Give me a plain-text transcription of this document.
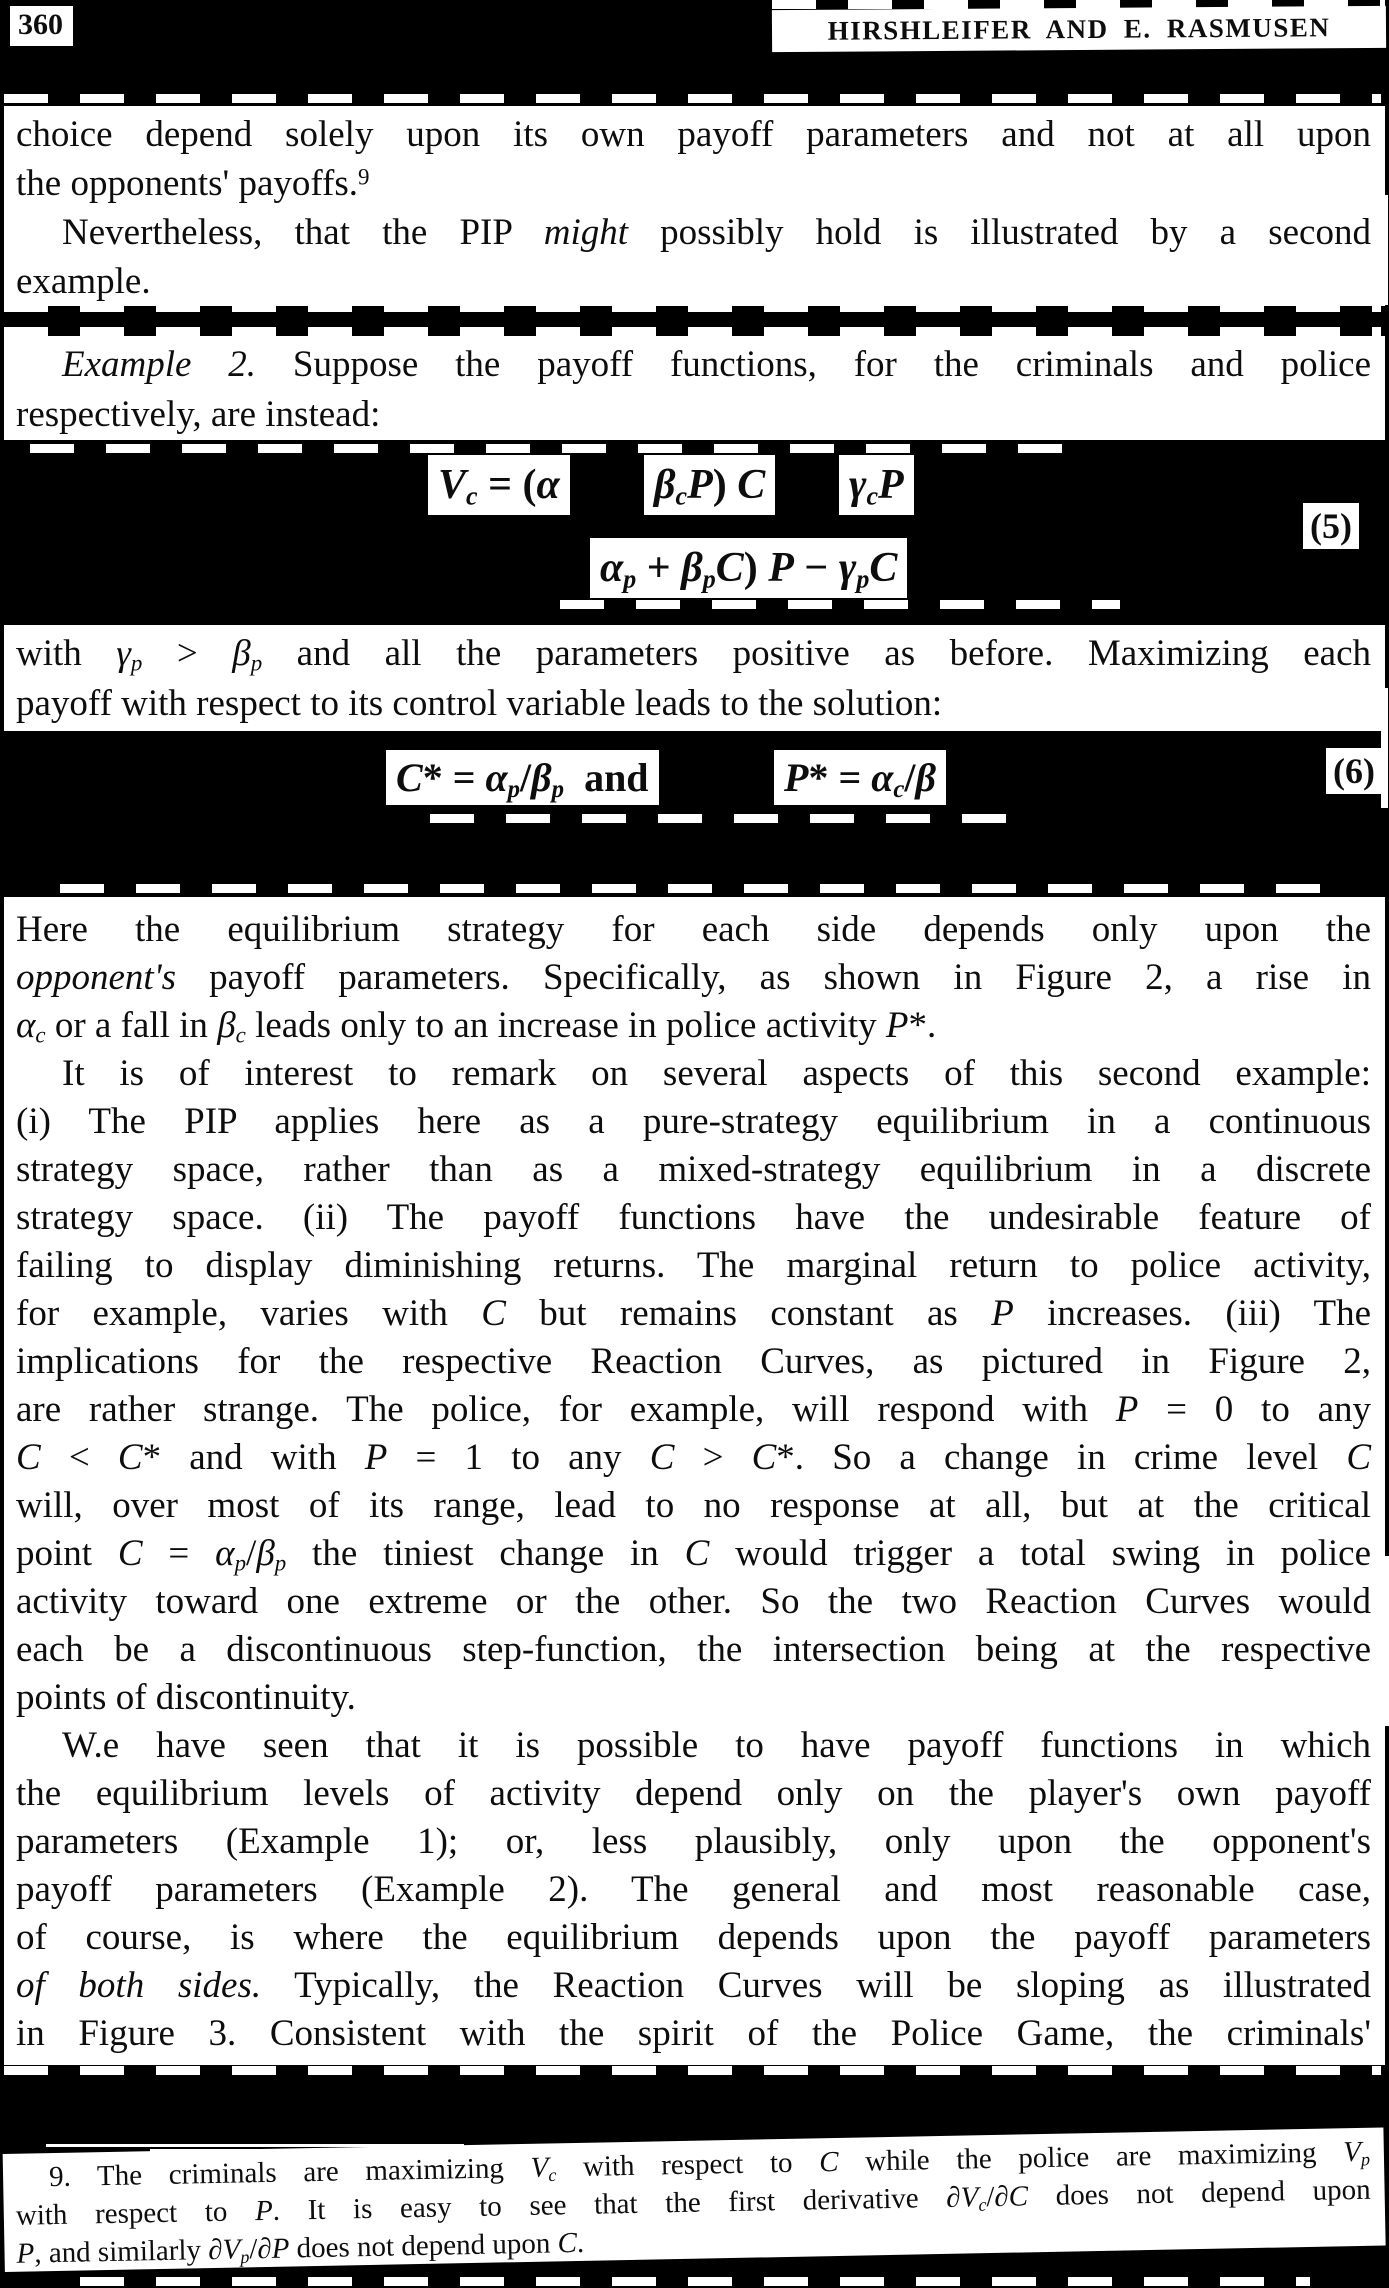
360	HIRSHLEIFER AND E. RASMUSEN
choice depend solely upon its own payoff parameters and not at all upon
the opponents' payoffs.$^9$
Nevertheless, that the PIP might possibly hold is illustrated by a second
example.
Example 2. Suppose the payoff functions, for the criminals and police
respectively, are instead:
$V_c = (\alpha$ $\beta_cP$) C $\gamma_cP$
$\alpha_p + \beta_pC$) $P - \gamma_pC$
(5)
with $\gamma_p > \beta_p$ and all the parameters positive as before. Maximizing each
payoff with respect to its control variable leads to the solution:
$C* = \alpha_p/\beta_p$  and	$P* = \alpha_c/\beta$	(6)
Here the equilibrium strategy for each side depends only upon the
opponent's payoff parameters. Specifically, as shown in Figure 2, a rise in
$\alpha_c$ or a fall in $\beta_c$ leads only to an increase in police activity P*.
It is of interest to remark on several aspects of this second example:
(i) The PIP applies here as a pure-strategy equilibrium in a continuous
strategy space, rather than as a mixed-strategy equilibrium in a discrete
strategy space. (ii) The payoff functions have the undesirable feature of
failing to display diminishing returns. The marginal return to police activity,
for example, varies with C but remains constant as P increases. (iii) The
implications for the respective Reaction Curves, as pictured in Figure 2,
are rather strange. The police, for example, will respond with P = 0 to any
C < C* and with P = 1 to any C > C*. So a change in crime level C
will, over most of its range, lead to no response at all, but at the critical
point $C = \alpha_p/\beta_p$ the tiniest change in C would trigger a total swing in police
activity toward one extreme or the other. So the two Reaction Curves would
each be a discontinuous step-function, the intersection being at the respective
points of discontinuity.
W.e have seen that it is possible to have payoff functions in which
the equilibrium levels of activity depend only on the player's own payoff
parameters (Example 1); or, less plausibly, only upon the opponent's
payoff parameters (Example 2). The general and most reasonable case,
of course, is where the equilibrium depends upon the payoff parameters
of both sides. Typically, the Reaction Curves will be sloping as illustrated
in Figure 3. Consistent with the spirit of the Police Game, the criminals'
9. The criminals are maximizing $V_c$ with respect to C while the police are maximizing $V_p$
with respect to P. It is easy to see that the first derivative $\partial V_c/\partial C$ does not depend upon
P, and similarly $\partial V_p/\partial P$ does not depend upon C.
